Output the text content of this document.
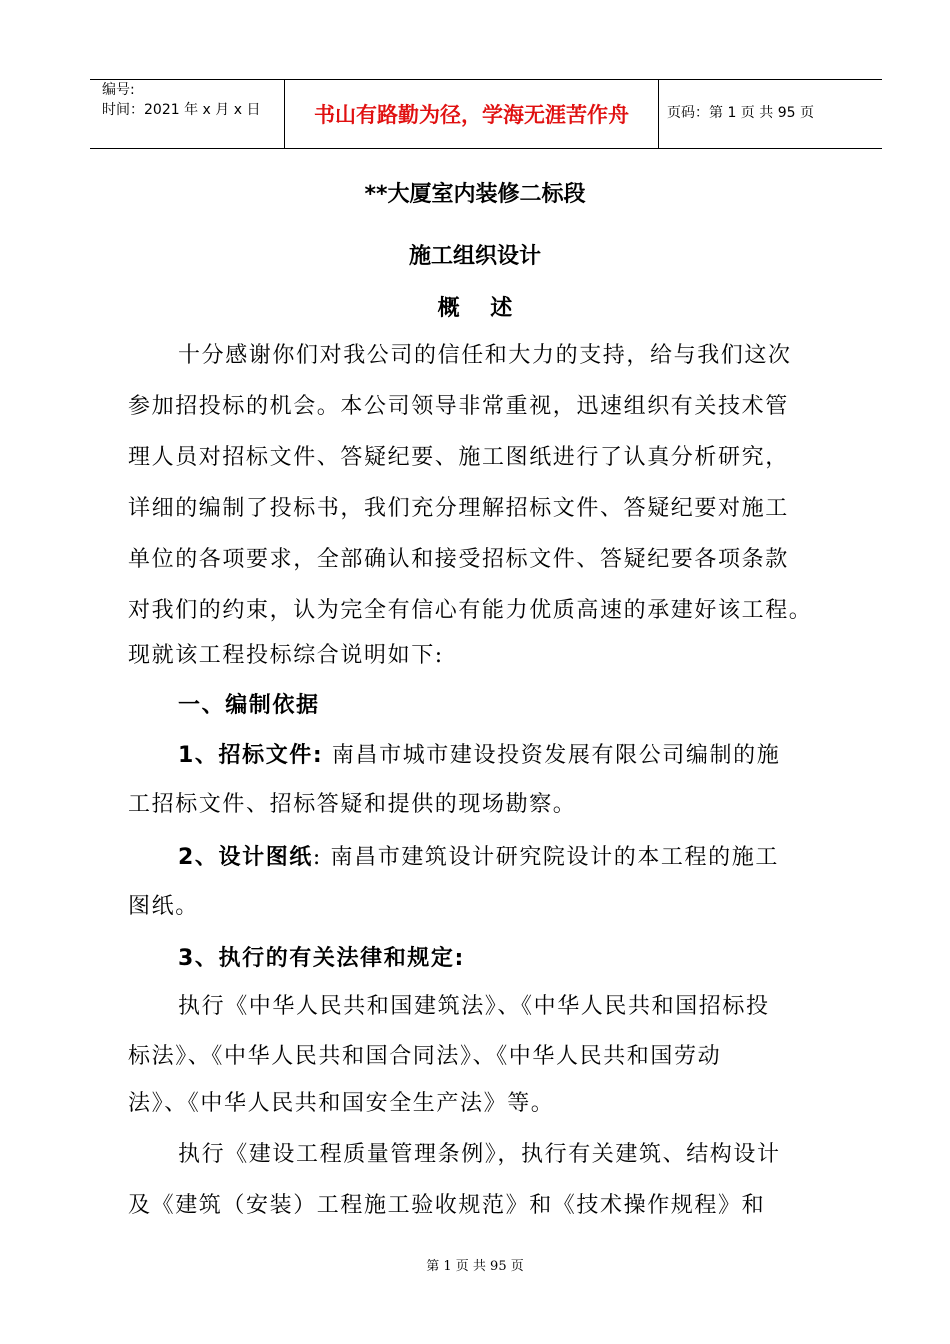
编号:
时间：2021 年 x 月 x 日	书山有路勤为径，学海无涯苦作舟	页码：第 1 页 共 95 页
**大厦室内装修二标段
施工组织设计
概    述
十分感谢你们对我公司的信任和大力的支持，给与我们这次
参加招投标的机会。本公司领导非常重视，迅速组织有关技术管
理人员对招标文件、答疑纪要、施工图纸进行了认真分析研究，
详细的编制了投标书，我们充分理解招标文件、答疑纪要对施工
单位的各项要求，全部确认和接受招标文件、答疑纪要各项条款
对我们的约束，认为完全有信心有能力优质高速的承建好该工程。
现就该工程投标综合说明如下:
一、编制依据
1、招标文件: 南昌市城市建设投资发展有限公司编制的施
工招标文件、招标答疑和提供的现场勘察。
2、设计图纸: 南昌市建筑设计研究院设计的本工程的施工
图纸。
3、执行的有关法律和规定:
执行《中华人民共和国建筑法》、《中华人民共和国招标投
标法》、《中华人民共和国合同法》、《中华人民共和国劳动
法》、《中华人民共和国安全生产法》等。
执行《建设工程质量管理条例》，执行有关建筑、结构设计
及《建筑（安装）工程施工验收规范》和《技术操作规程》和
第 1 页 共 95 页
